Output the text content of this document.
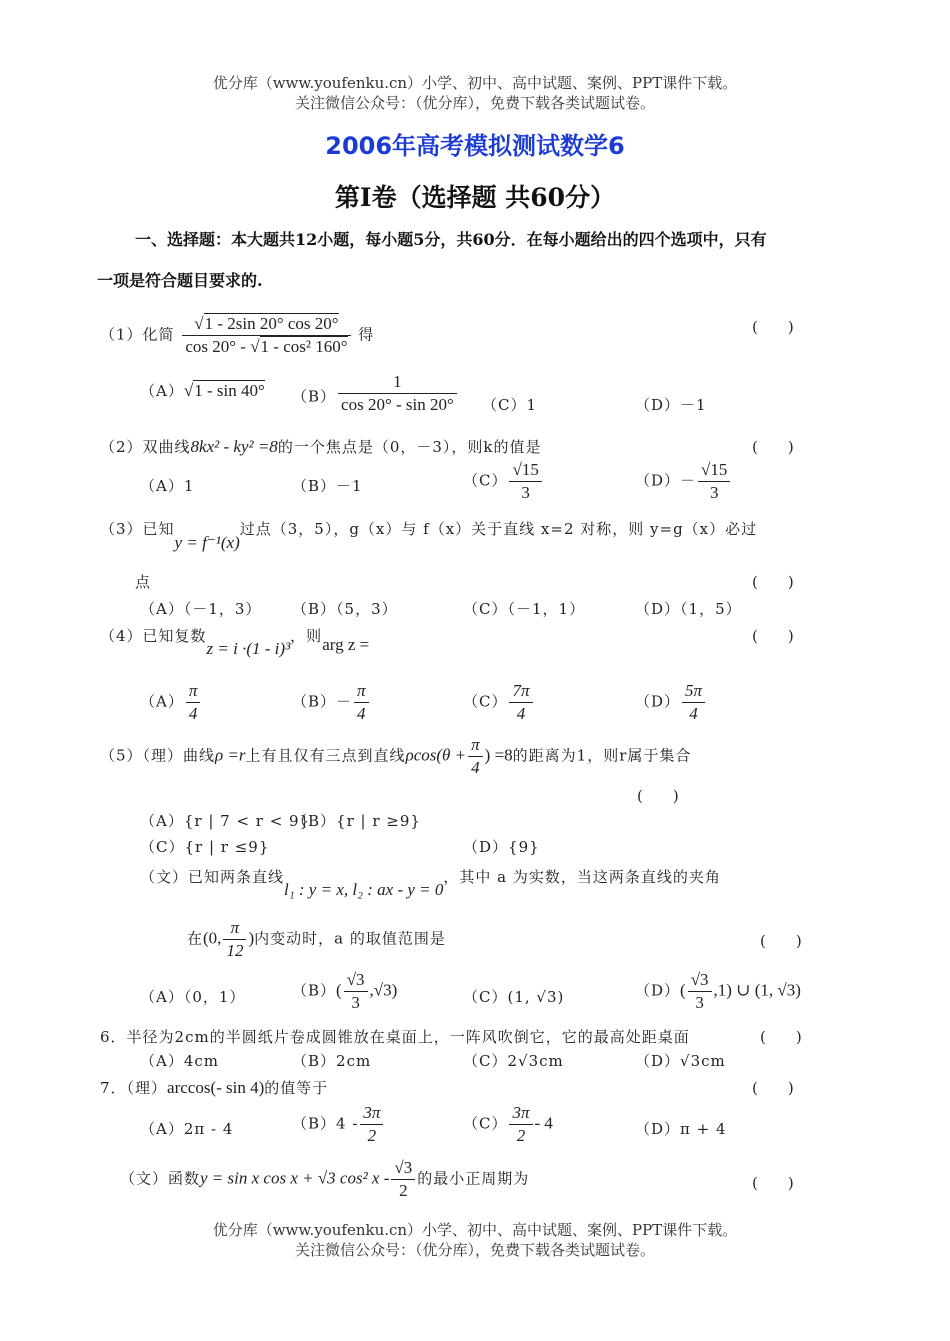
优分库（www.youfenku.cn）小学、初中、高中试题、案例、PPT课件下载。
关注微信公众号：（优分库），免费下载各类试题试卷。
2006年高考模拟测试数学6
第Ⅰ卷（选择题 共60分）
一、选择题：本大题共12小题，每小题5分，共60分．在每小题给出的四个选项中，只有
一项是符合题目要求的.
（1）化简 $\frac{√1 - 2\sin 20^\circ \cos 20^\circ}{\text{cos 20° - √1 - cos² 160°}}$ 得	(　　)
（A）√1 - sin 40° $(B) \frac{1}{\cos 20^\circ - \sin 20^\circ} (C)1$	（D）－1
（2）双曲线8kx² - ky² =8的一个焦点是（0，－3），则k的值是	(　　)
（A）1	（B）－1	$(C) \frac{√15}{3}$	$(D)- \frac{√15}{3}$
（3）已知y = f⁻¹(x)过点（3，5），g（x）与 f（x）关于直线 x=2 对称，则 y=g（x）必过
点	(　　)
（A）（－1，3） （B）（5，3）	（C）（－1，1）	（D）（1，5）
（4）已知复数z = i ·(1 - i)³，则arg z =	(　　)
$(A) \frac{\pi}{4}$	$(B)- \frac{\pi}{4}$	$(C) \frac{7\pi}{4}$	$(D) \frac{5\pi}{4}$
（5）（理）曲线ρ =r上有且仅有三点到直线$\rho\cos(\theta + \frac{\pi}{4}$ ) =8的距离为1，则r属于集合
(　　)
（A）{r | 7 < r < 9}
（B）{r | r ≥9}
（C）{r | r ≤9}	（D）{9}
（文）已知两条直线l₁ : y = x, l₂ : ax - y = 0，其中 a 为实数，当这两条直线的夹角
在(0, $\frac{\pi}{12}$ )内变动时，a 的取值范围是	(　　)
（A）（0，1）	$(B)( \frac{√3}{3} ,√3)$	（C）(1, √3)	$(D)( \frac{√3}{3} ,1)$ ∪ (1, √3)
6．半径为2cm的半圆纸片卷成圆锥放在桌面上，一阵风吹倒它，它的最高处距桌面	(　　)
（A）4cm	（B）2cm	（C）2√3cm	（D）√3cm
7．（理）arccos(- sin 4)的值等于	(　　)
（A）2π - 4	$(B)4 - \frac{3\pi}{2}$	$(C) \frac{3\pi}{2} - 4$	（D）π + 4
（文）函数y = sin x cos x + √3 cos² x - $\frac{√3}{2}$ 的最小正周期为	(　　)
优分库（www.youfenku.cn）小学、初中、高中试题、案例、PPT课件下载。
关注微信公众号：（优分库），免费下载各类试题试卷。
